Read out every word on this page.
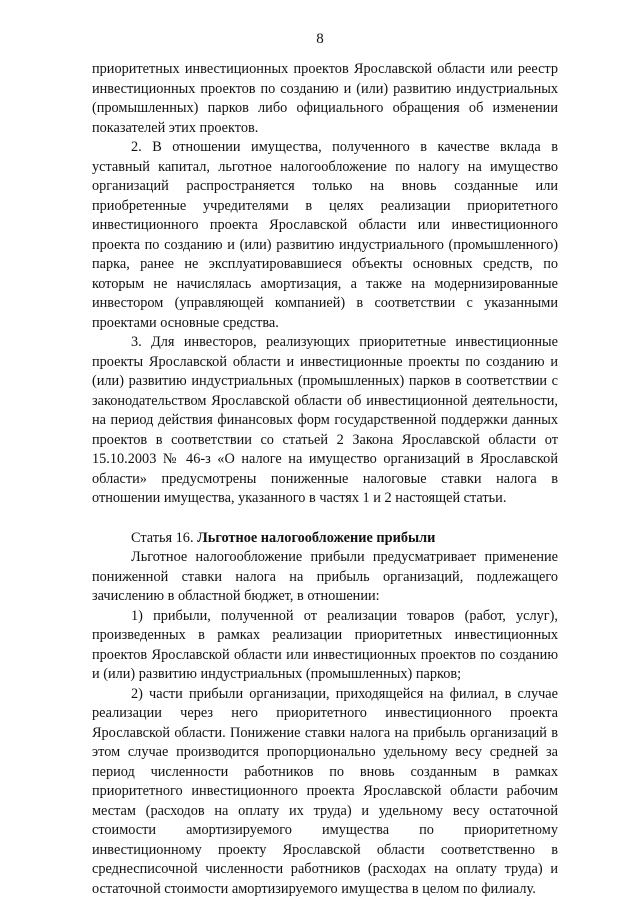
8

приоритетных инвестиционных проектов Ярославской области или реестр инвестиционных проектов по созданию и (или) развитию индустриальных (промышленных) парков либо официального обращения об изменении показателей этих проектов.

2. В отношении имущества, полученного в качестве вклада в уставный капитал, льготное налогообложение по налогу на имущество организаций распространяется только на вновь созданные или приобретенные учредителями в целях реализации приоритетного инвестиционного проекта Ярославской области или инвестиционного проекта по созданию и (или) развитию индустриального (промышленного) парка, ранее не эксплуатировавшиеся объекты основных средств, по которым не начислялась амортизация, а также на модернизированные инвестором (управляющей компанией) в соответствии с указанными проектами основные средства.

3. Для инвесторов, реализующих приоритетные инвестиционные проекты Ярославской области и инвестиционные проекты по созданию и (или) развитию индустриальных (промышленных) парков в соответствии с законодательством Ярославской области об инвестиционной деятельности, на период действия финансовых форм государственной поддержки данных проектов в соответствии со статьей 2 Закона Ярославской области от 15.10.2003 № 46-з «О налоге на имущество организаций в Ярославской области» предусмотрены пониженные налоговые ставки налога в отношении имущества, указанного в частях 1 и 2 настоящей статьи.

Статья 16. Льготное налогообложение прибыли

Льготное налогообложение прибыли предусматривает применение пониженной ставки налога на прибыль организаций, подлежащего зачислению в областной бюджет, в отношении:

1) прибыли, полученной от реализации товаров (работ, услуг), произведенных в рамках реализации приоритетных инвестиционных проектов Ярославской области или инвестиционных проектов по созданию и (или) развитию индустриальных (промышленных) парков;

2) части прибыли организации, приходящейся на филиал, в случае реализации через него приоритетного инвестиционного проекта Ярославской области. Понижение ставки налога на прибыль организаций в этом случае производится пропорционально удельному весу средней за период численности работников по вновь созданным в рамках приоритетного инвестиционного проекта Ярославской области рабочим местам (расходов на оплату их труда) и удельному весу остаточной стоимости амортизируемого имущества по приоритетному инвестиционному проекту Ярославской области соответственно в среднесписочной численности работников (расходах на оплату труда) и остаточной стоимости амортизируемого имущества в целом по филиалу.
